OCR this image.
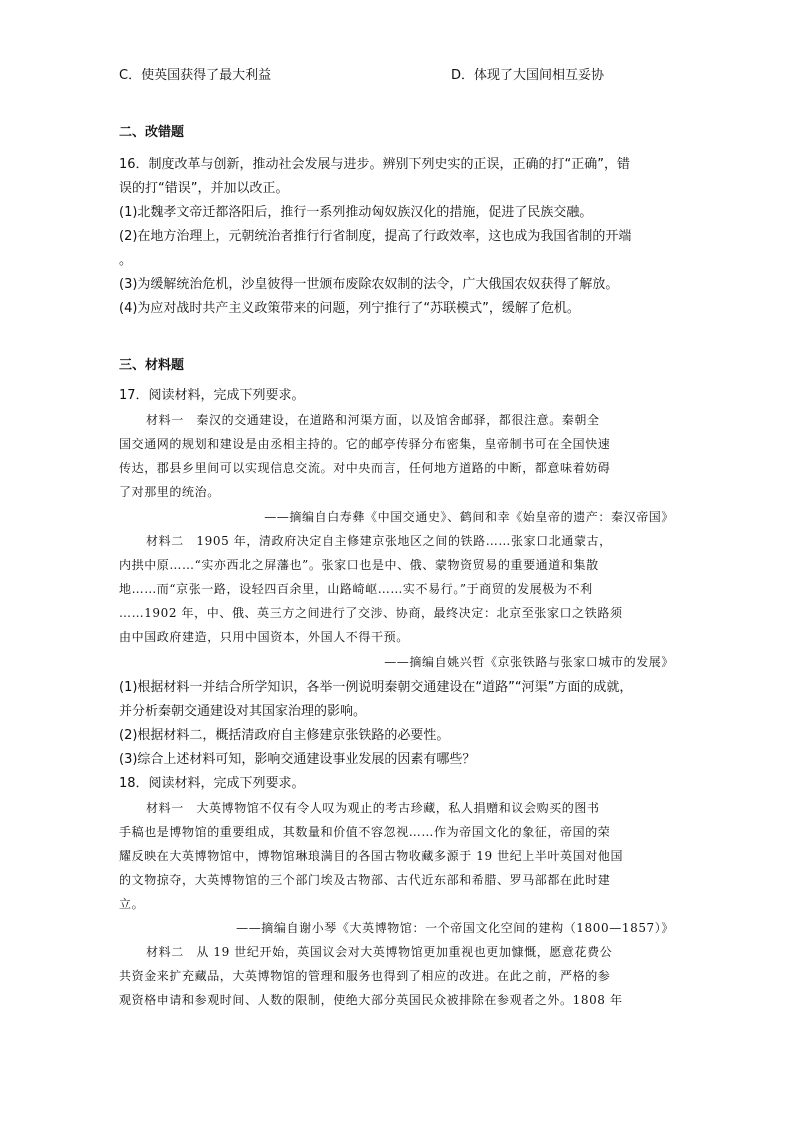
C．使英国获得了最大利益	D．体现了大国间相互妥协
二、改错题
16．制度改革与创新，推动社会发展与进步。辨别下列史实的正误，正确的打“正确”，错
误的打“错误”，并加以改正。
(1)北魏孝文帝迁都洛阳后，推行一系列推动匈奴族汉化的措施，促进了民族交融。
(2)在地方治理上，元朝统治者推行行省制度，提高了行政效率，这也成为我国省制的开端
。
(3)为缓解统治危机，沙皇彼得一世颁布废除农奴制的法令，广大俄国农奴获得了解放。
(4)为应对战时共产主义政策带来的问题，列宁推行了“苏联模式”，缓解了危机。
三、材料题
17．阅读材料，完成下列要求。
材料一　秦汉的交通建设，在道路和河渠方面，以及馆舍邮驿，都很注意。秦朝全
国交通网的规划和建设是由丞相主持的。它的邮亭传驿分布密集，皇帝制书可在全国快速
传达，郡县乡里间可以实现信息交流。对中央而言，任何地方道路的中断，都意味着妨碍
了对那里的统治。
——摘编自白寿彝《中国交通史》、鹤间和幸《始皇帝的遗产：秦汉帝国》
材料二　1905 年，清政府决定自主修建京张地区之间的铁路……张家口北通蒙古，
内拱中原……“实亦西北之屏藩也”。张家口也是中、俄、蒙物资贸易的重要通道和集散
地……而“京张一路，设轻四百余里，山路崎岖……实不易行。”于商贸的发展极为不利
……1902 年，中、俄、英三方之间进行了交涉、协商，最终决定：北京至张家口之铁路须
由中国政府建造，只用中国资本，外国人不得干预。
——摘编自姚兴哲《京张铁路与张家口城市的发展》
(1)根据材料一并结合所学知识，各举一例说明秦朝交通建设在“道路”“河渠”方面的成就，
并分析秦朝交通建设对其国家治理的影响。
(2)根据材料二，概括清政府自主修建京张铁路的必要性。
(3)综合上述材料可知，影响交通建设事业发展的因素有哪些？
18．阅读材料，完成下列要求。
材料一　大英博物馆不仅有令人叹为观止的考古珍藏，私人捐赠和议会购买的图书
手稿也是博物馆的重要组成，其数量和价值不容忽视……作为帝国文化的象征，帝国的荣
耀反映在大英博物馆中，博物馆琳琅满目的各国古物收藏多源于 19 世纪上半叶英国对他国
的文物掠夺，大英博物馆的三个部门埃及古物部、古代近东部和希腊、罗马部都在此时建
立。
——摘编自谢小琴《大英博物馆：一个帝国文化空间的建构（1800—1857）》
材料二　从 19 世纪开始，英国议会对大英博物馆更加重视也更加慷慨，愿意花费公
共资金来扩充藏品，大英博物馆的管理和服务也得到了相应的改进。在此之前，严格的参
观资格申请和参观时间、人数的限制，使绝大部分英国民众被排除在参观者之外。1808 年
